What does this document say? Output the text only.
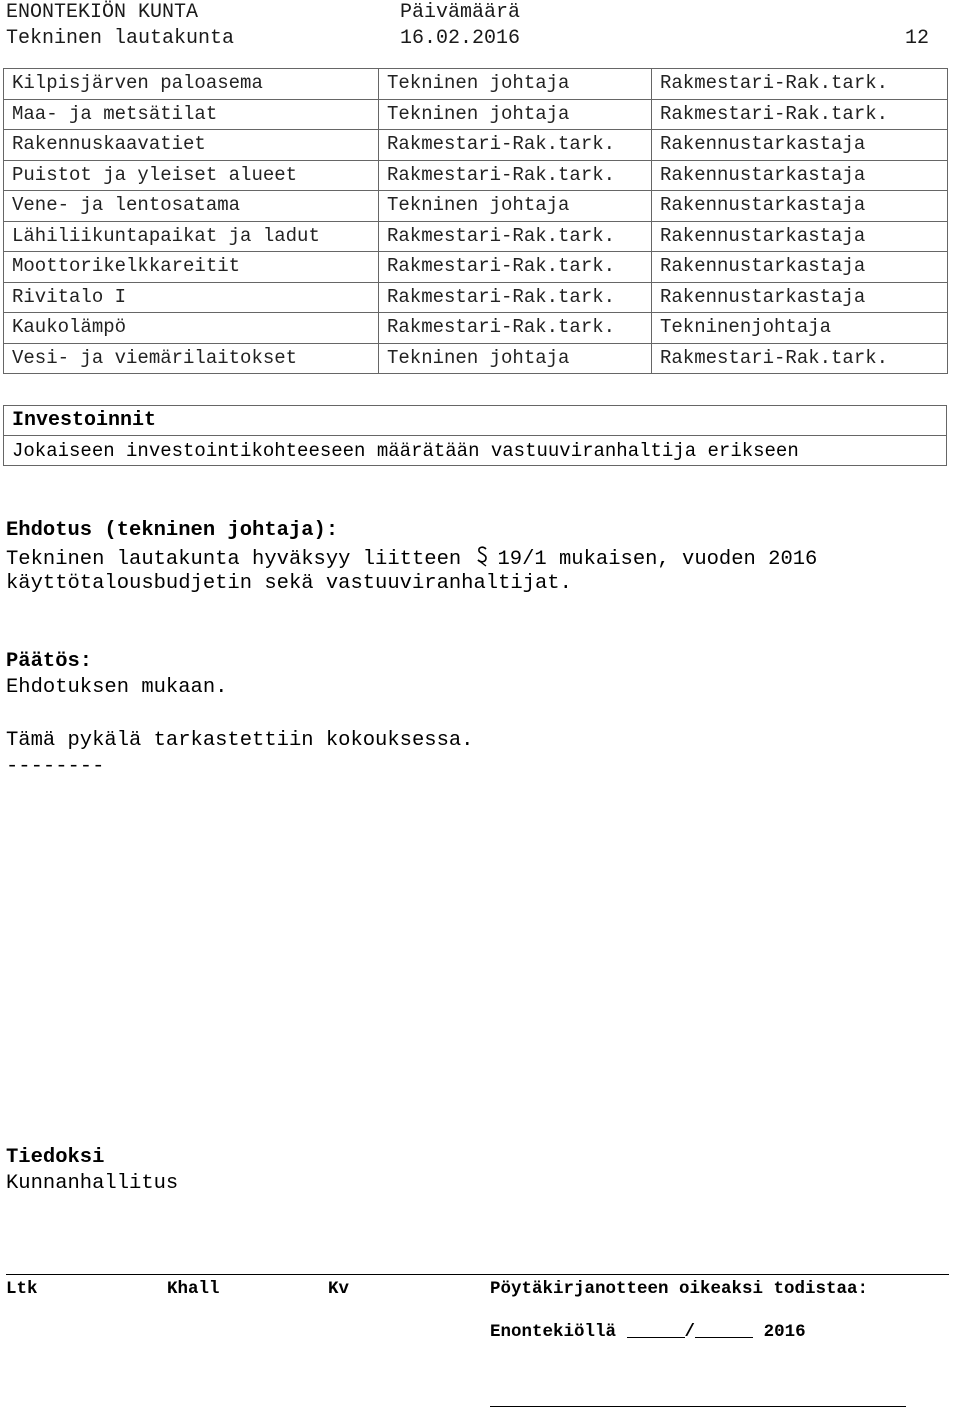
ENONTEKIÖN KUNTA
Tekninen lautakunta
Päivämäärä
16.02.2016	12
Kilpisjärven paloasema	Tekninen johtaja	Rakmestari-Rak.tark.
Maa- ja metsätilat	Tekninen johtaja	Rakmestari-Rak.tark.
Rakennuskaavatiet	Rakmestari-Rak.tark.	Rakennustarkastaja
Puistot ja yleiset alueet	Rakmestari-Rak.tark.	Rakennustarkastaja
Vene- ja lentosatama	Tekninen johtaja	Rakennustarkastaja
Lähiliikuntapaikat ja ladut	Rakmestari-Rak.tark.	Rakennustarkastaja
Moottorikelkkareitit	Rakmestari-Rak.tark.	Rakennustarkastaja
Rivitalo I	Rakmestari-Rak.tark.	Rakennustarkastaja
Kaukolämpö	Rakmestari-Rak.tark.	Tekninenjohtaja
Vesi- ja viemärilaitokset	Tekninen johtaja	Rakmestari-Rak.tark.
Investoinnit
Jokaiseen investointikohteeseen määrätään vastuuviranhaltija erikseen
Ehdotus (tekninen johtaja):
Tekninen lautakunta hyväksyy liitteen 19/1 mukaisen, vuoden 2016
käyttötalousbudjetin sekä vastuuviranhaltijat.
Päätös:
Ehdotuksen mukaan.
Tämä pykälä tarkastettiin kokouksessa.
--------
Tiedoksi
Kunnanhallitus
Ltk	Khall	Kv	Pöytäkirjanotteen oikeaksi todistaa:
Enontekiöllä	/	2016
